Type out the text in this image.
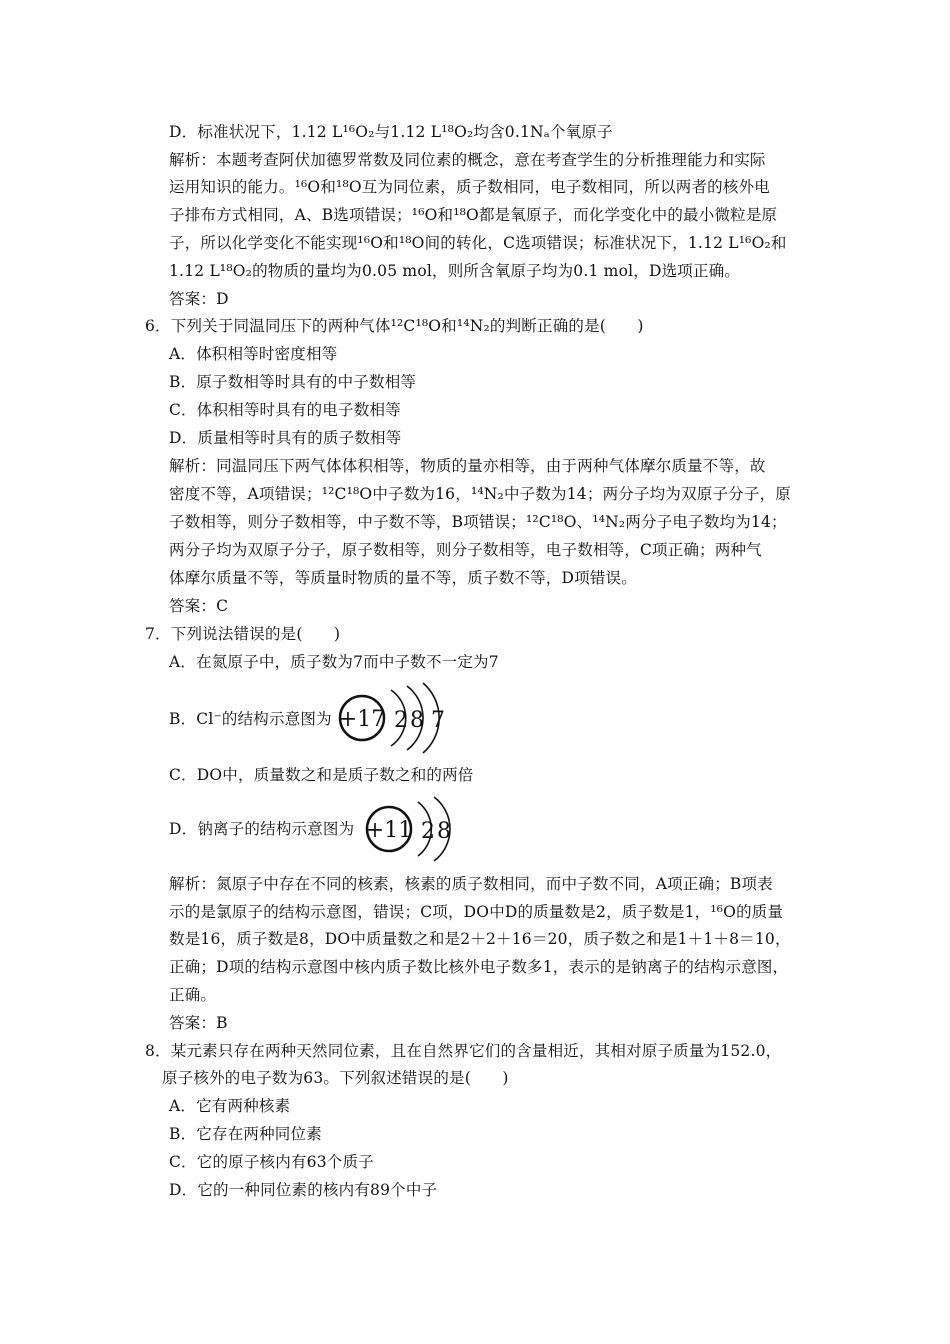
D．标准状况下，1.12 L¹⁶O₂与1.12 L¹⁸O₂均含0.1Nₐ个氧原子
解析：本题考查阿伏加德罗常数及同位素的概念，意在考查学生的分析推理能力和实际
运用知识的能力。¹⁶O和¹⁸O互为同位素，质子数相同，电子数相同，所以两者的核外电
子排布方式相同，A、B选项错误；¹⁶O和¹⁸O都是氧原子，而化学变化中的最小微粒是原
子，所以化学变化不能实现¹⁶O和¹⁸O间的转化，C选项错误；标准状况下，1.12 L¹⁶O₂和
1.12 L¹⁸O₂的物质的量均为0.05 mol，则所含氧原子均为0.1 mol，D选项正确。
答案：D
6．下列关于同温同压下的两种气体¹²C¹⁸O和¹⁴N₂的判断正确的是(　　)
A．体积相等时密度相等
B．原子数相等时具有的中子数相等
C．体积相等时具有的电子数相等
D．质量相等时具有的质子数相等
解析：同温同压下两气体体积相等，物质的量亦相等，由于两种气体摩尔质量不等，故
密度不等，A项错误；¹²C¹⁸O中子数为16，¹⁴N₂中子数为14；两分子均为双原子分子，原
子数相等，则分子数相等，中子数不等，B项错误；¹²C¹⁸O、¹⁴N₂两分子电子数均为14；
两分子均为双原子分子，原子数相等，则分子数相等，电子数相等，C项正确；两种气
体摩尔质量不等，等质量时物质的量不等，质子数不等，D项错误。
答案：C
7．下列说法错误的是(　　)
A．在氮原子中，质子数为7而中子数不一定为7
B．Cl⁻的结构示意图为 +17 2 8 7
C．DO中，质量数之和是质子数之和的两倍
D．钠离子的结构示意图为 +11 2 8
解析：氮原子中存在不同的核素，核素的质子数相同，而中子数不同，A项正确；B项表
示的是氯原子的结构示意图，错误；C项，DO中D的质量数是2，质子数是1，¹⁶O的质量
数是16，质子数是8，DO中质量数之和是2＋2＋16＝20，质子数之和是1＋1＋8＝10，
正确；D项的结构示意图中核内质子数比核外电子数多1，表示的是钠离子的结构示意图，
正确。
答案：B
8．某元素只存在两种天然同位素，且在自然界它们的含量相近，其相对原子质量为152.0，
原子核外的电子数为63。下列叙述错误的是(　　)
A．它有两种核素
B．它存在两种同位素
C．它的原子核内有63个质子
D．它的一种同位素的核内有89个中子
